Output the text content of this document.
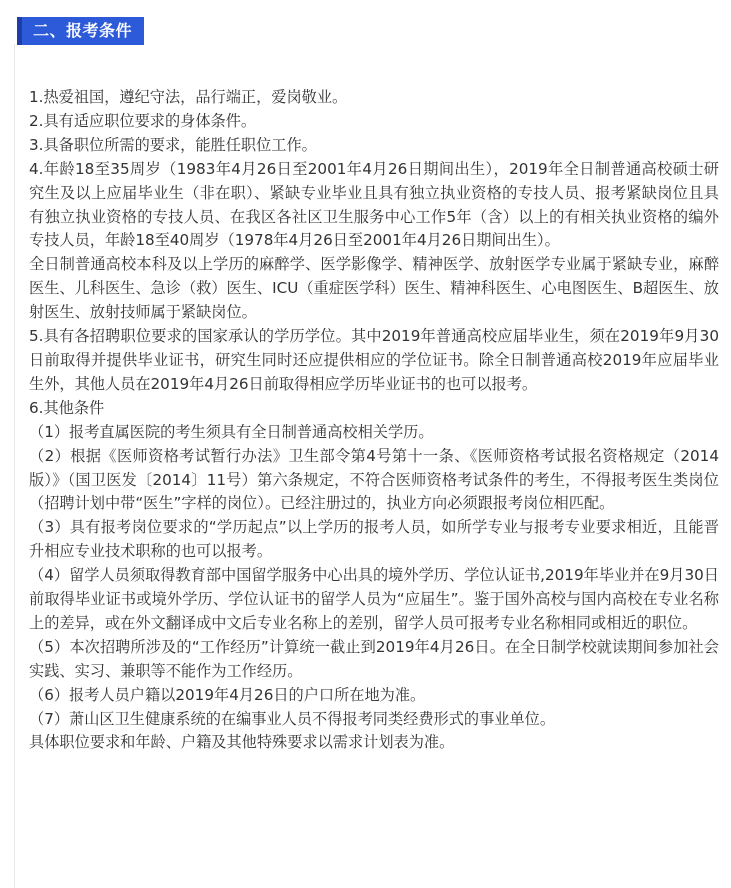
二、报考条件

1.热爱祖国，遵纪守法，品行端正，爱岗敬业。

2.具有适应职位要求的身体条件。

3.具备职位所需的要求，能胜任职位工作。

4.年龄18至35周岁（1983年4月26日至2001年4月26日期间出生），2019年全日制普通高校硕士研究生及以上应届毕业生（非在职）、紧缺专业毕业且具有独立执业资格的专技人员、报考紧缺岗位且具有独立执业资格的专技人员、在我区各社区卫生服务中心工作5年（含）以上的有相关执业资格的编外专技人员，年龄18至40周岁（1978年4月26日至2001年4月26日期间出生）。

全日制普通高校本科及以上学历的麻醉学、医学影像学、精神医学、放射医学专业属于紧缺专业，麻醉医生、儿科医生、急诊（救）医生、ICU（重症医学科）医生、精神科医生、心电图医生、B超医生、放射医生、放射技师属于紧缺岗位。

5.具有各招聘职位要求的国家承认的学历学位。其中2019年普通高校应届毕业生，须在2019年9月30日前取得并提供毕业证书，研究生同时还应提供相应的学位证书。除全日制普通高校2019年应届毕业生外，其他人员在2019年4月26日前取得相应学历毕业证书的也可以报考。

6.其他条件

（1）报考直属医院的考生须具有全日制普通高校相关学历。

（2）根据《医师资格考试暂行办法》卫生部令第4号第十一条、《医师资格考试报名资格规定（2014版）》（国卫医发〔2014〕11号）第六条规定，不符合医师资格考试条件的考生，不得报考医生类岗位（招聘计划中带“医生”字样的岗位）。已经注册过的，执业方向必须跟报考岗位相匹配。

（3）具有报考岗位要求的“学历起点”以上学历的报考人员，如所学专业与报考专业要求相近，且能晋升相应专业技术职称的也可以报考。

（4）留学人员须取得教育部中国留学服务中心出具的境外学历、学位认证书,2019年毕业并在9月30日前取得毕业证书或境外学历、学位认证书的留学人员为“应届生”。鉴于国外高校与国内高校在专业名称上的差异，或在外文翻译成中文后专业名称上的差别，留学人员可报考专业名称相同或相近的职位。

（5）本次招聘所涉及的“工作经历”计算统一截止到2019年4月26日。在全日制学校就读期间参加社会实践、实习、兼职等不能作为工作经历。

（6）报考人员户籍以2019年4月26日的户口所在地为准。

（7）萧山区卫生健康系统的在编事业人员不得报考同类经费形式的事业单位。

具体职位要求和年龄、户籍及其他特殊要求以需求计划表为准。
